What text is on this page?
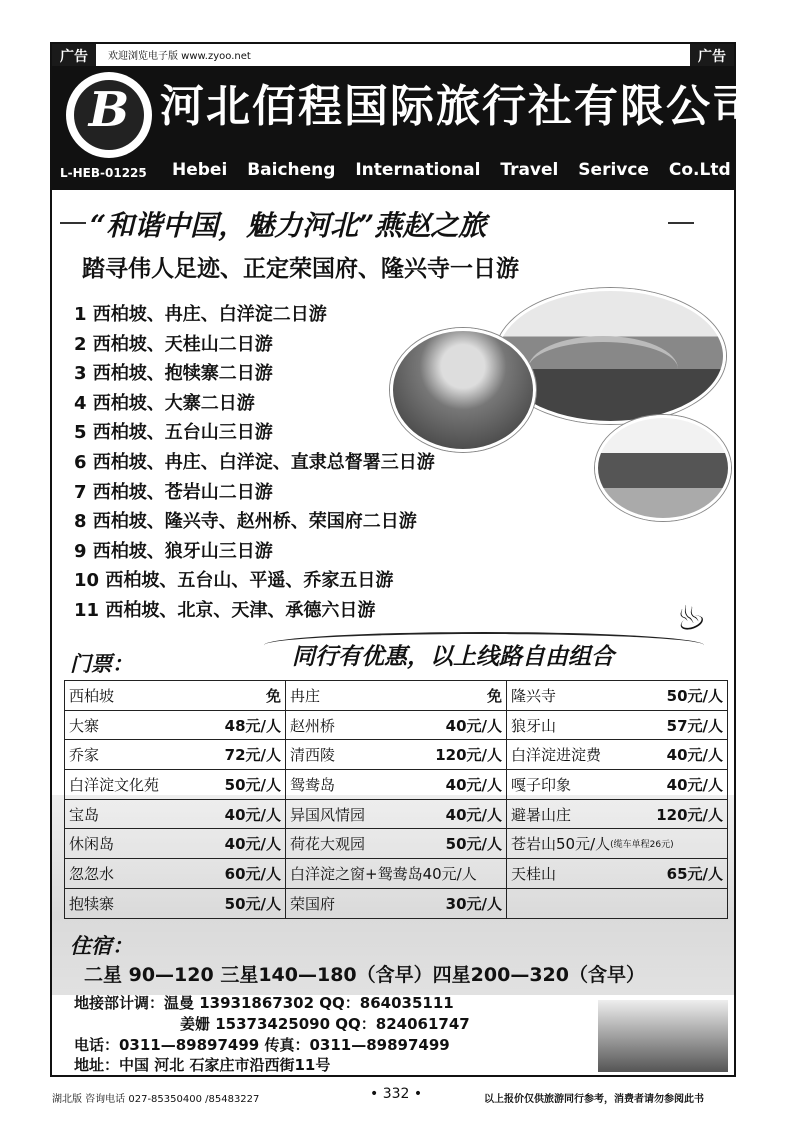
广告	广告
欢迎浏览电子版 www.zyoo.net
B 河北佰程国际旅行社有限公司
L-HEB-01225 Hebei Baicheng International Travel Serivce Co.Ltd
“和谐中国，魅力河北”燕赵之旅
踏寻伟人足迹、正定荣国府、隆兴寺一日游
1 西柏坡、冉庄、白洋淀二日游
2 西柏坡、天桂山二日游
3 西柏坡、抱犊寨二日游
4 西柏坡、大寨二日游
5 西柏坡、五台山三日游
6 西柏坡、冉庄、白洋淀、直隶总督署三日游
7 西柏坡、苍岩山二日游
8 西柏坡、隆兴寺、赵州桥、荣国府二日游
9 西柏坡、狼牙山三日游
10 西柏坡、五台山、平遥、乔家五日游
11 西柏坡、北京、天津、承德六日游	♨
门票：	同行有优惠，以上线路自由组合
西柏坡 免	冉庄 免	隆兴寺 50元/人

大寨 48元/人	赵州桥 40元/人	狼牙山 57元/人

乔家 72元/人	清西陵 120元/人	白洋淀进淀费 40元/人

白洋淀文化苑 50元/人	鸳鸯岛 40元/人	嘎子印象 40元/人

宝岛 40元/人	异国风情园 40元/人	避暑山庄 120元/人

休闲岛 40元/人	荷花大观园 50元/人	苍岩山50元/人 (缆车单程26元)

忽忽水 60元/人	白洋淀之窗+鸳鸯岛40元/人	天桂山 65元/人

抱犊寨 50元/人	荣国府 30元/人	

住宿：
二星 90—120 三星140—180（含早）四星200—320（含早）
地接部计调：温曼 13931867302 QQ：864035111
姜姗 15373425090 QQ：824061747
电话：0311—89897499 传真：0311—89897499
地址：中国 河北 石家庄市沿西街11号
湖北版 咨询电话 027-85350400 /85483227	• 332 •	以上报价仅供旅游同行参考，消费者请勿参阅此书
